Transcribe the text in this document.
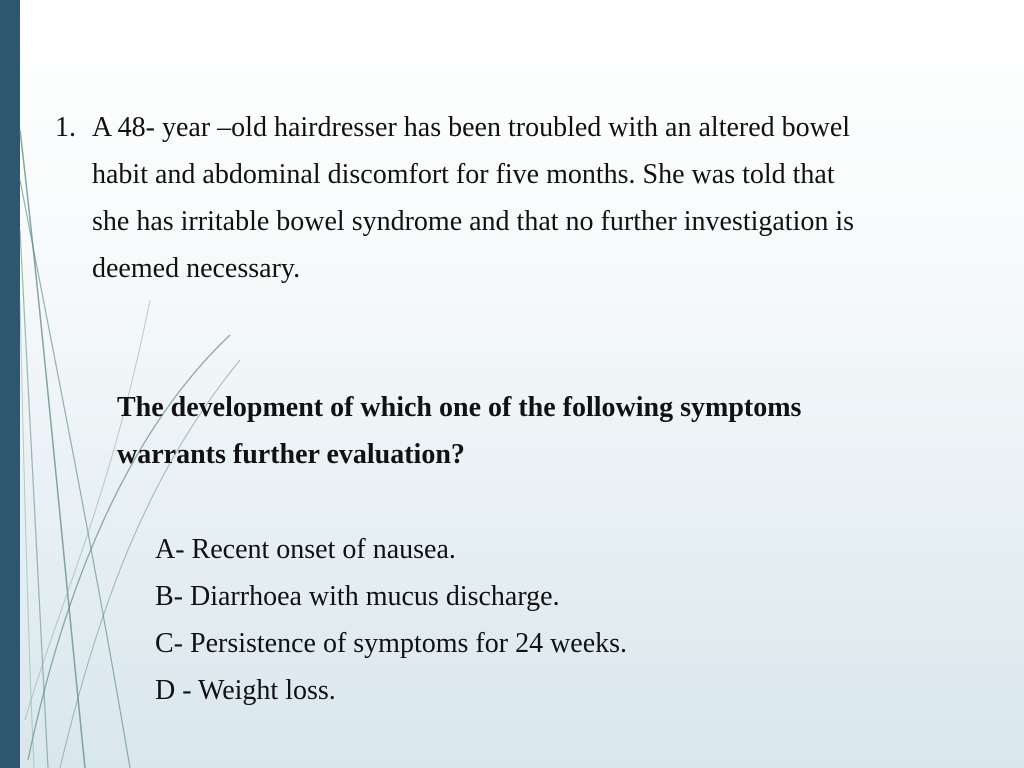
1. A 48- year –old hairdresser has been troubled with an altered bowel habit and abdominal discomfort for five months. She was told that she has irritable bowel syndrome and that no further investigation is deemed necessary.
The development of which one of the following symptoms warrants further evaluation?
A- Recent onset of nausea.
B- Diarrhoea with mucus discharge.
C- Persistence of symptoms for 24 weeks.
D - Weight loss.
